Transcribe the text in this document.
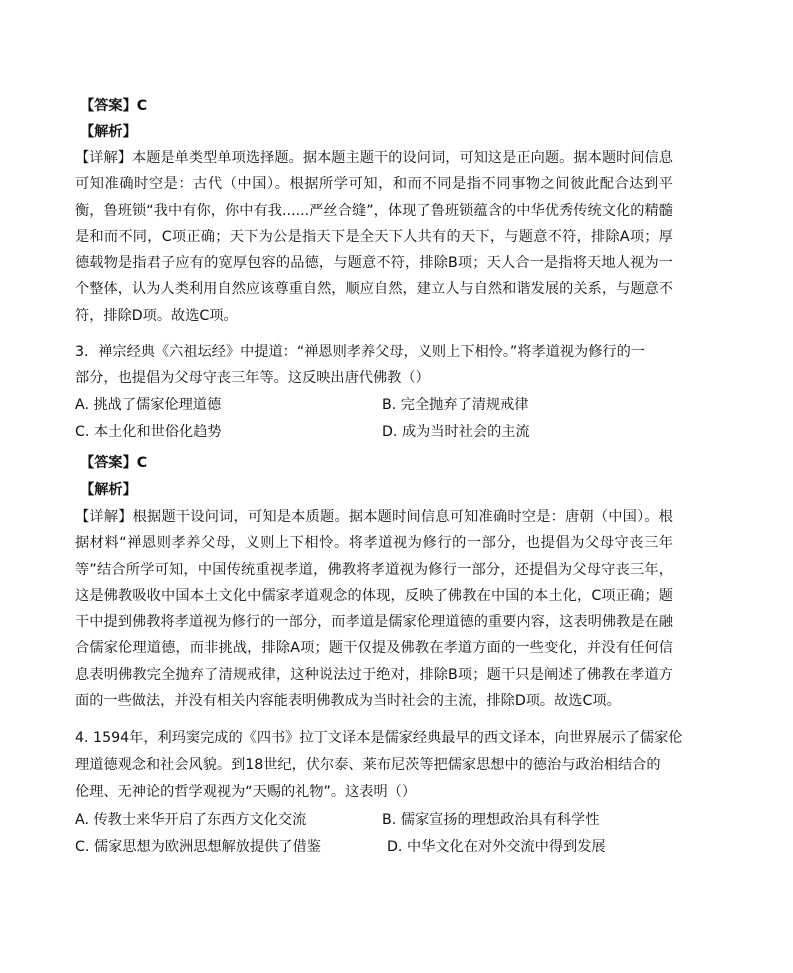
【答案】C
【解析】
【详解】本题是单类型单项选择题。据本题主题干的设问词，可知这是正向题。据本题时间信息可知准确时空是：古代（中国）。根据所学可知，和而不同是指不同事物之间彼此配合达到平衡，鲁班锁“我中有你，你中有我......严丝合缝”，体现了鲁班锁蕴含的中华优秀传统文化的精髓是和而不同，C项正确；天下为公是指天下是全天下人共有的天下，与题意不符，排除A项；厚德载物是指君子应有的宽厚包容的品德，与题意不符，排除B项；天人合一是指将天地人视为一个整体，认为人类利用自然应该尊重自然，顺应自然，建立人与自然和谐发展的关系，与题意不符，排除D项。故选C项。
3．禅宗经典《六祖坛经》中提道：“禅恩则孝养父母，义则上下相怜。”将孝道视为修行的一
部分，也提倡为父母守丧三年等。这反映出唐代佛教（）
A. 挑战了儒家伦理道德	B. 完全抛弃了清规戒律
C. 本土化和世俗化趋势	D. 成为当时社会的主流
【答案】C
【解析】
【详解】根据题干设问词，可知是本质题。据本题时间信息可知准确时空是：唐朝（中国）。根据材料“禅恩则孝养父母，义则上下相怜。将孝道视为修行的一部分，也提倡为父母守丧三年等”结合所学可知，中国传统重视孝道，佛教将孝道视为修行一部分，还提倡为父母守丧三年，这是佛教吸收中国本土文化中儒家孝道观念的体现，反映了佛教在中国的本土化，C项正确；题干中提到佛教将孝道视为修行的一部分，而孝道是儒家伦理道德的重要内容，这表明佛教是在融合儒家伦理道德，而非挑战，排除A项；题干仅提及佛教在孝道方面的一些变化，并没有任何信息表明佛教完全抛弃了清规戒律，这种说法过于绝对，排除B项；题干只是阐述了佛教在孝道方面的一些做法，并没有相关内容能表明佛教成为当时社会的主流，排除D项。故选C项。
4. 1594年，利玛窦完成的《四书》拉丁文译本是儒家经典最早的西文译本，向世界展示了儒家伦
理道德观念和社会风貌。到18世纪，伏尔泰、莱布尼茨等把儒家思想中的德治与政治相结合的
伦理、无神论的哲学观视为“天赐的礼物”。这表明（）
A. 传教士来华开启了东西方文化交流	B. 儒家宣扬的理想政治具有科学性
C. 儒家思想为欧洲思想解放提供了借鉴	D. 中华文化在对外交流中得到发展
